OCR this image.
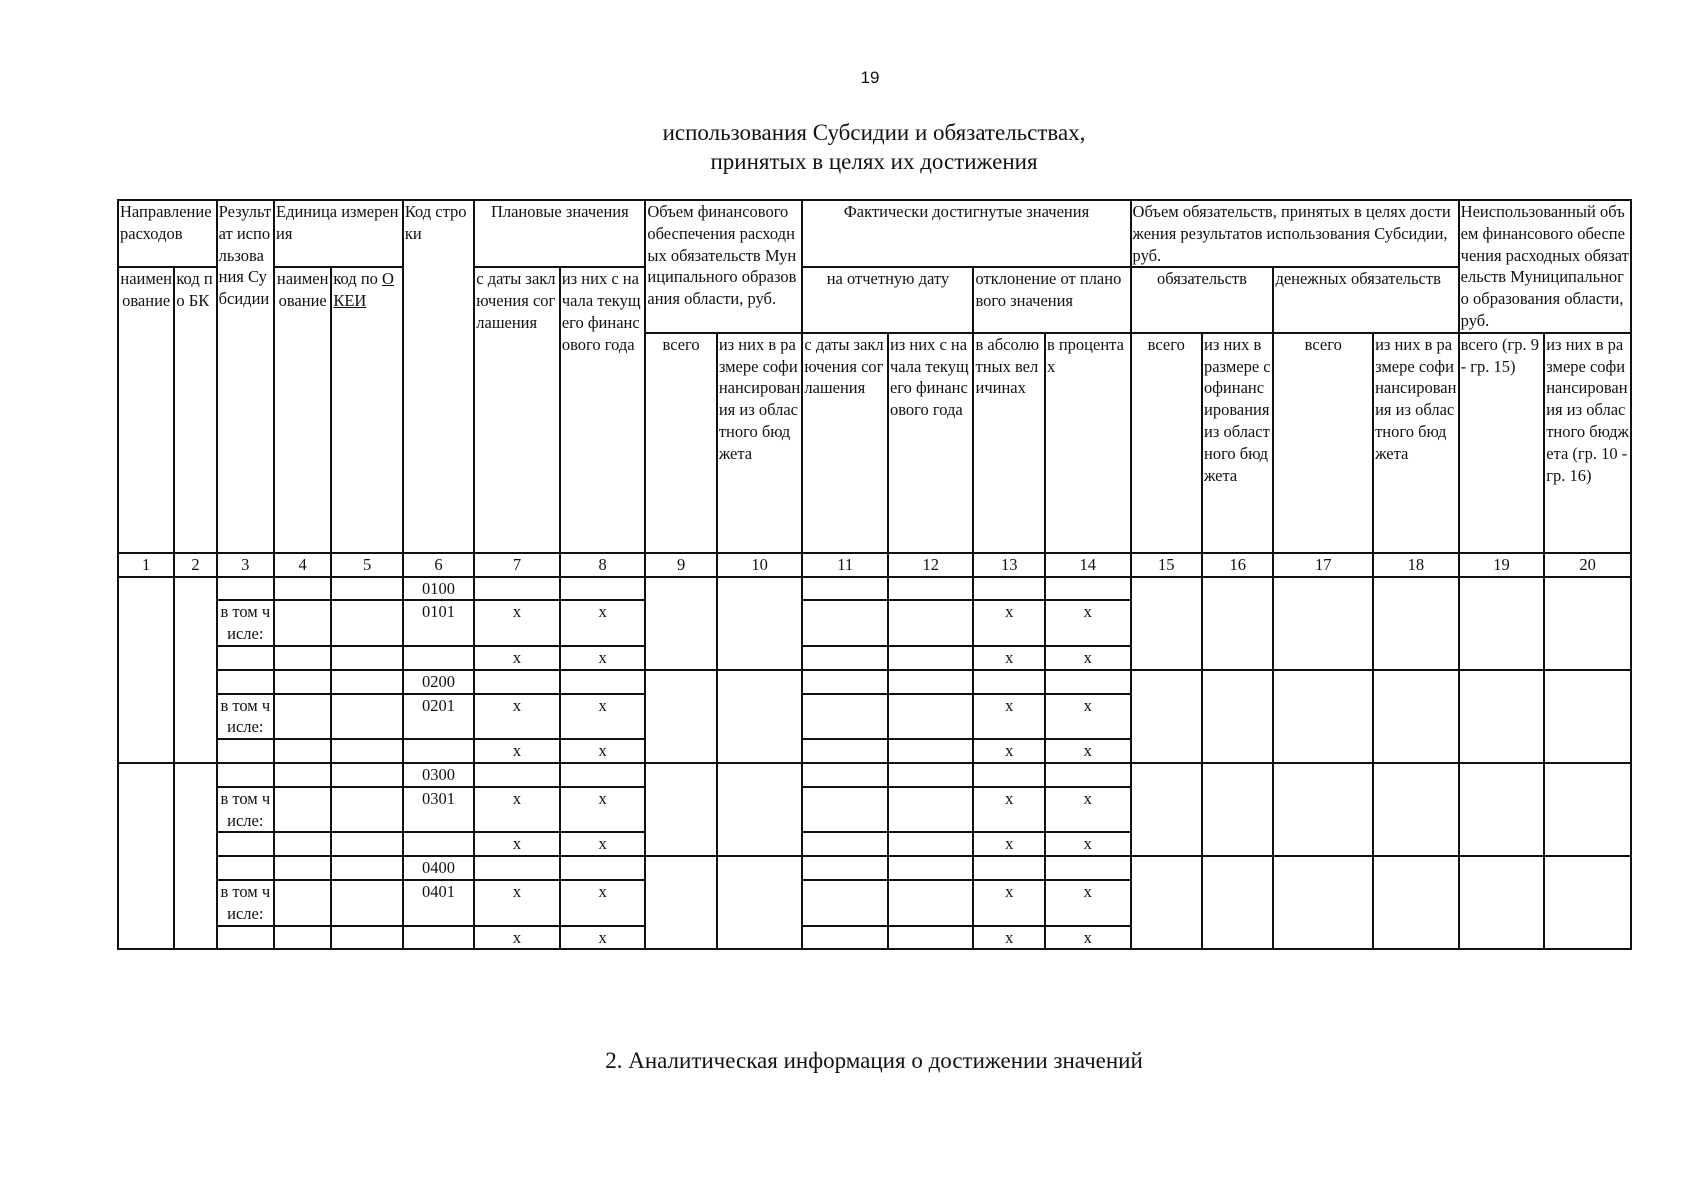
19
использования Субсидии и обязательствах,
принятых в целях их достижения
Направление расходов		Результат использования Субсидии	Единица измерения		Код строки	Плановые значения		Объем финансового обеспечения расходных обязательств Муниципального образования области, руб.		Фактически достигнутые значения				Объем обязательств, принятых в целях достижения результатов использования Субсидии, руб.				Неиспользованный объем финансового обеспечения расходных обязательств Муниципального образования области, руб.	
наименование	код по БК		наименование	код по ОКЕИ		с даты заключения соглашения	из них с начала текущего финансового года			на отчетную дату		отклонение от планового значения		обязательств		денежных обязательств			
								всего	из них в размере софинансирования из областного бюджета	с даты заключения соглашения	из них с начала текущего финансового года	в абсолютных величинах	в процентах	всего	из них в размере софинансирования из областного бюджета	всего	из них в размере софинансирования из областного бюджета	всего (гр. 9 - гр. 15)	из них в размере софинансирования из областного бюджета (гр. 10 - гр. 16)
1	2	3	4	5	6	7	8	9	10	11	12	13	14	15	16	17	18	19	20
					0100														
		в том числе:			0101	x	x					x	x						
						x	x					x	x						
					0200														
		в том числе:			0201	x	x					x	x						
						x	x					x	x						
					0300														
		в том числе:			0301	x	x					x	x						
						x	x					x	x						
					0400														
		в том числе:			0401	x	x					x	x						
						x	x					x	x						
2. Аналитическая информация о достижении значений
